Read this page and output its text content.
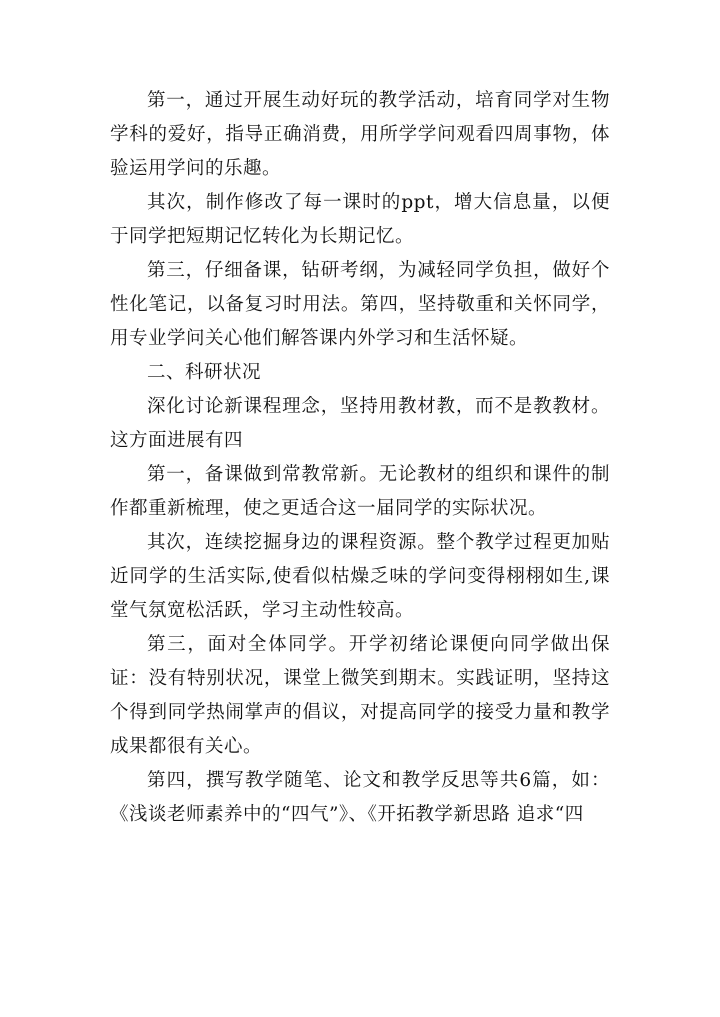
第一，通过开展生动好玩的教学活动，培育同学对生物学科的爱好，指导正确消费，用所学学问观看四周事物，体验运用学问的乐趣。

其次，制作修改了每一课时的ppt，增大信息量，以便于同学把短期记忆转化为长期记忆。

第三，仔细备课，钻研考纲，为减轻同学负担，做好个性化笔记，以备复习时用法。第四，坚持敬重和关怀同学，用专业学问关心他们解答课内外学习和生活怀疑。

二、科研状况

深化讨论新课程理念，坚持用教材教，而不是教教材。这方面进展有四

第一，备课做到常教常新。无论教材的组织和课件的制作都重新梳理，使之更适合这一届同学的实际状况。

其次，连续挖掘身边的课程资源。整个教学过程更加贴近同学的生活实际,使看似枯燥乏味的学问变得栩栩如生,课堂气氛宽松活跃，学习主动性较高。

第三，面对全体同学。开学初绪论课便向同学做出保证：没有特别状况，课堂上微笑到期末。实践证明，坚持这个得到同学热闹掌声的倡议，对提高同学的接受力量和教学成果都很有关心。

第四，撰写教学随笔、论文和教学反思等共6篇，如：《浅谈老师素养中的“四气”》、《开拓教学新思路 追求“四
